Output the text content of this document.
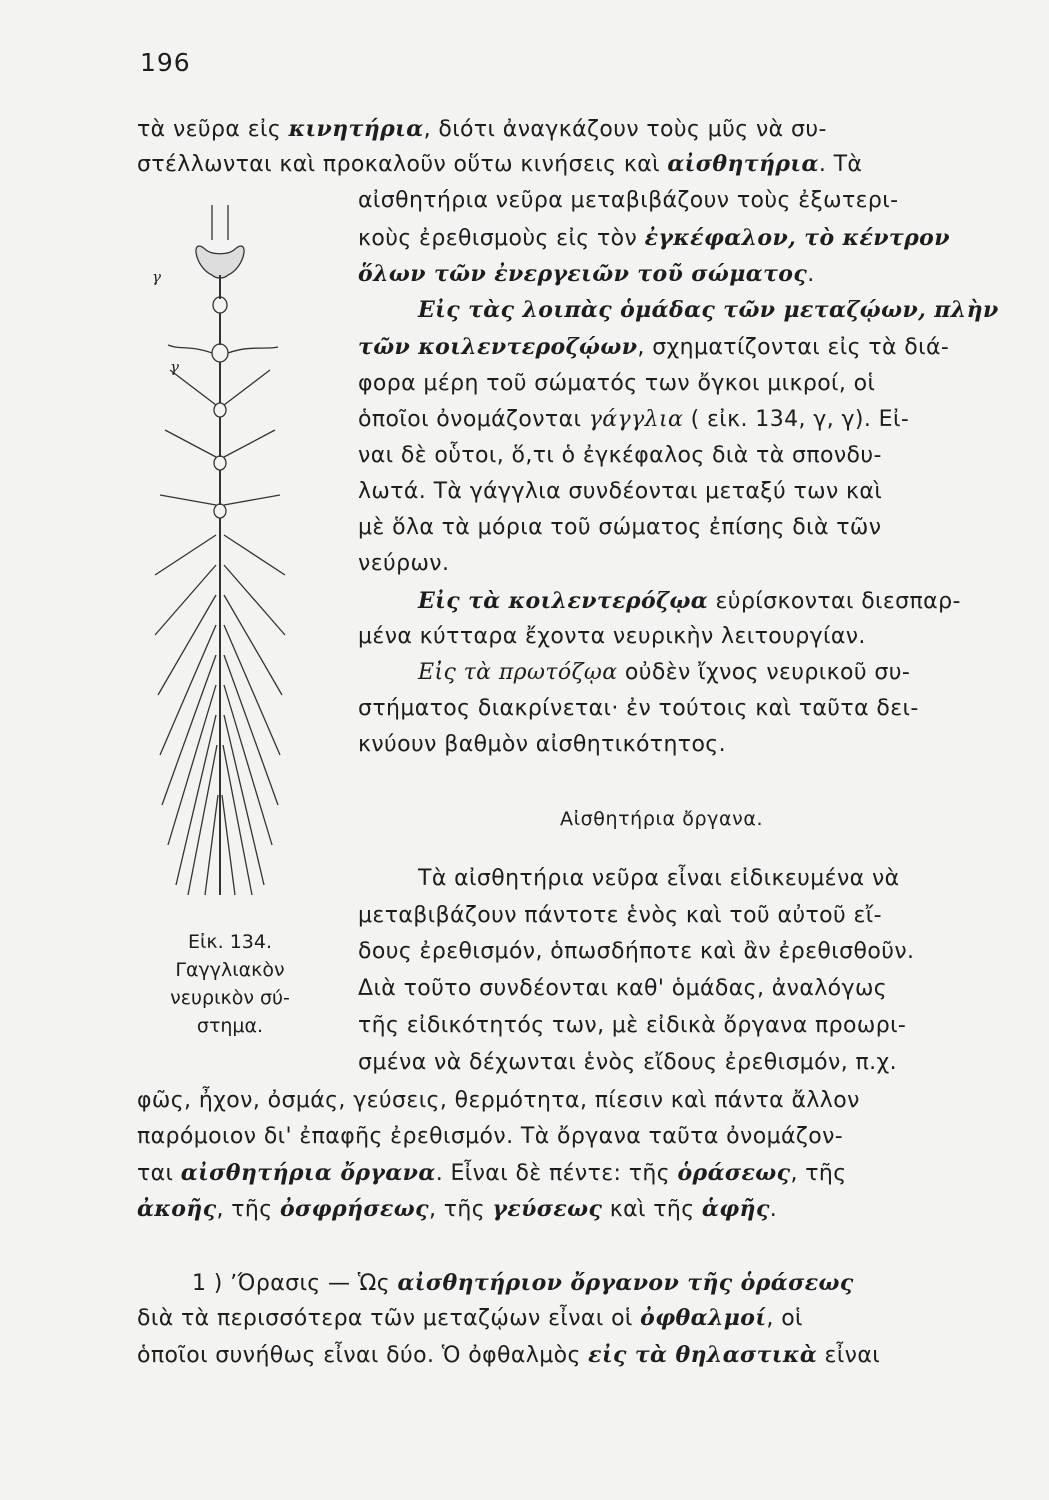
196
γ
γ
Εἰκ. 134.
Γαγγλιακὸν
νευρικὸν σύ-
στημα.
τὰ νεῦρα εἰς κινητήρια, διότι ἀναγκάζουν τοὺς μῦς νὰ συ-
στέλλωνται καὶ προκαλοῦν οὕτω κινήσεις καὶ αἰσθητήρια. Τὰ
αἰσθητήρια νεῦρα μεταβιβάζουν τοὺς ἐξωτερι-
κοὺς ἐρεθισμοὺς εἰς τὸν ἐγκέφαλον, τὸ κέντρον
ὅλων τῶν ἐνεργειῶν τοῦ σώματος.
Εἰς τὰς λοιπὰς ὁμάδας τῶν μεταζῴων, πλὴν
τῶν κοιλεντεροζῴων, σχηματίζονται εἰς τὰ διά-
φορα μέρη τοῦ σώματός των ὄγκοι μικροί, οἱ
ὁποῖοι ὀνομάζονται γάγγλια ( εἰκ. 134, γ, γ). Εἰ-
ναι δὲ οὗτοι, ὅ,τι ὁ ἐγκέφαλος διὰ τὰ σπονδυ-
λωτά. Τὰ γάγγλια συνδέονται μεταξύ των καὶ
μὲ ὅλα τὰ μόρια τοῦ σώματος ἐπίσης διὰ τῶν
νεύρων.
Εἰς τὰ κοιλεντερόζῳα εὑρίσκονται διεσπαρ-
μένα κύτταρα ἔχοντα νευρικὴν λειτουργίαν.
Εἰς τὰ πρωτόζῳα οὐδὲν ἴχνος νευρικοῦ συ-
στήματος διακρίνεται· ἐν τούτοις καὶ ταῦτα δει-
κνύουν βαθμὸν αἰσθητικότητος.
Αἰσθητήρια ὄργανα.
Τὰ αἰσθητήρια νεῦρα εἶναι εἰδικευμένα νὰ
μεταβιβάζουν πάντοτε ἑνὸς καὶ τοῦ αὐτοῦ εἴ-
δους ἐρεθισμόν, ὁπωσδήποτε καὶ ἂν ἐρεθισθοῦν.
Διὰ τοῦτο συνδέονται καθ' ὁμάδας, ἀναλόγως
τῆς εἰδικότητός των, μὲ εἰδικὰ ὄργανα προωρι-
σμένα νὰ δέχωνται ἑνὸς εἴδους ἐρεθισμόν, π.χ.
φῶς, ἦχον, ὀσμάς, γεύσεις, θερμότητα, πίεσιν καὶ πάντα ἄλλον
παρόμοιον δι' ἐπαφῆς ἐρεθισμόν. Τὰ ὄργανα ταῦτα ὀνομάζον-
ται αἰσθητήρια ὄργανα. Εἶναι δὲ πέντε: τῆς ὁράσεως, τῆς
ἀκοῆς, τῆς ὀσφρήσεως, τῆς γεύσεως καὶ τῆς ἁφῆς.
1 ) ʼΌρασις — Ὡς αἰσθητήριον ὄργανον τῆς ὁράσεως
διὰ τὰ περισσότερα τῶν μεταζῴων εἶναι οἱ ὀφθαλμοί, οἱ
ὁποῖοι συνήθως εἶναι δύο. Ὁ ὀφθαλμὸς εἰς τὰ θηλαστικὰ εἶναι
